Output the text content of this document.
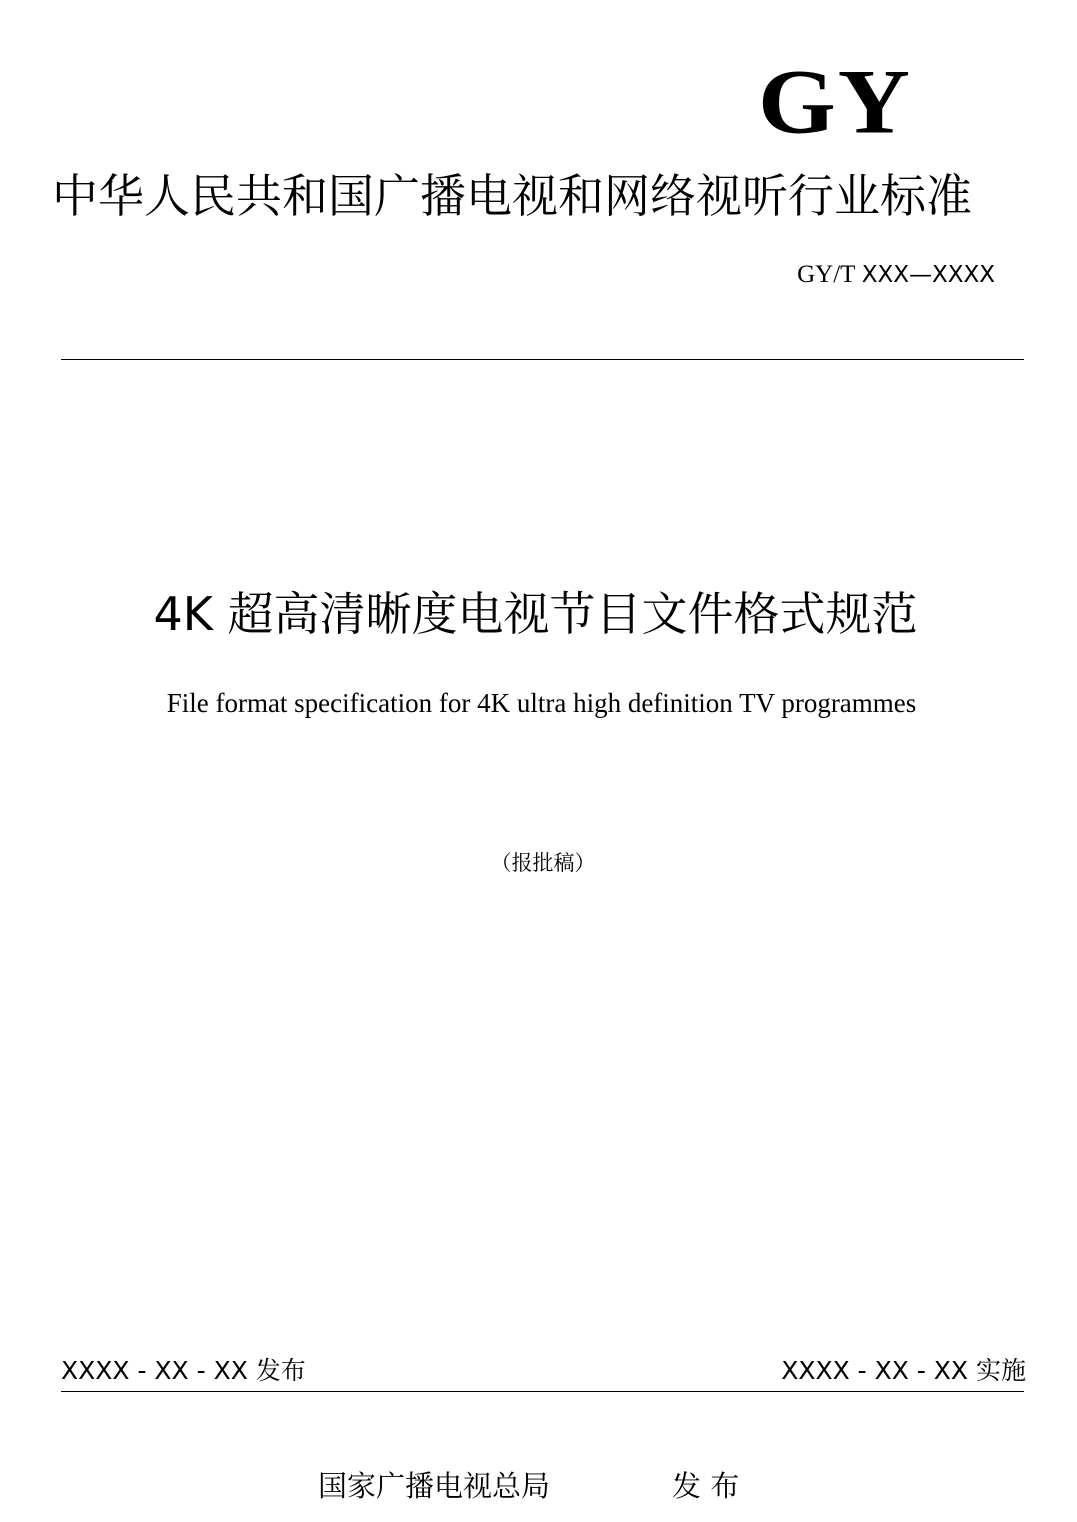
GY
中华人民共和国广播电视和网络视听行业标准
GY/T XXX—XXXX
4K 超高清晰度电视节目文件格式规范
File format specification for 4K ultra high definition TV programmes
（报批稿）
XXXX - XX - XX 发布	XXXX - XX - XX 实施
国家广播电视总局	发 布
